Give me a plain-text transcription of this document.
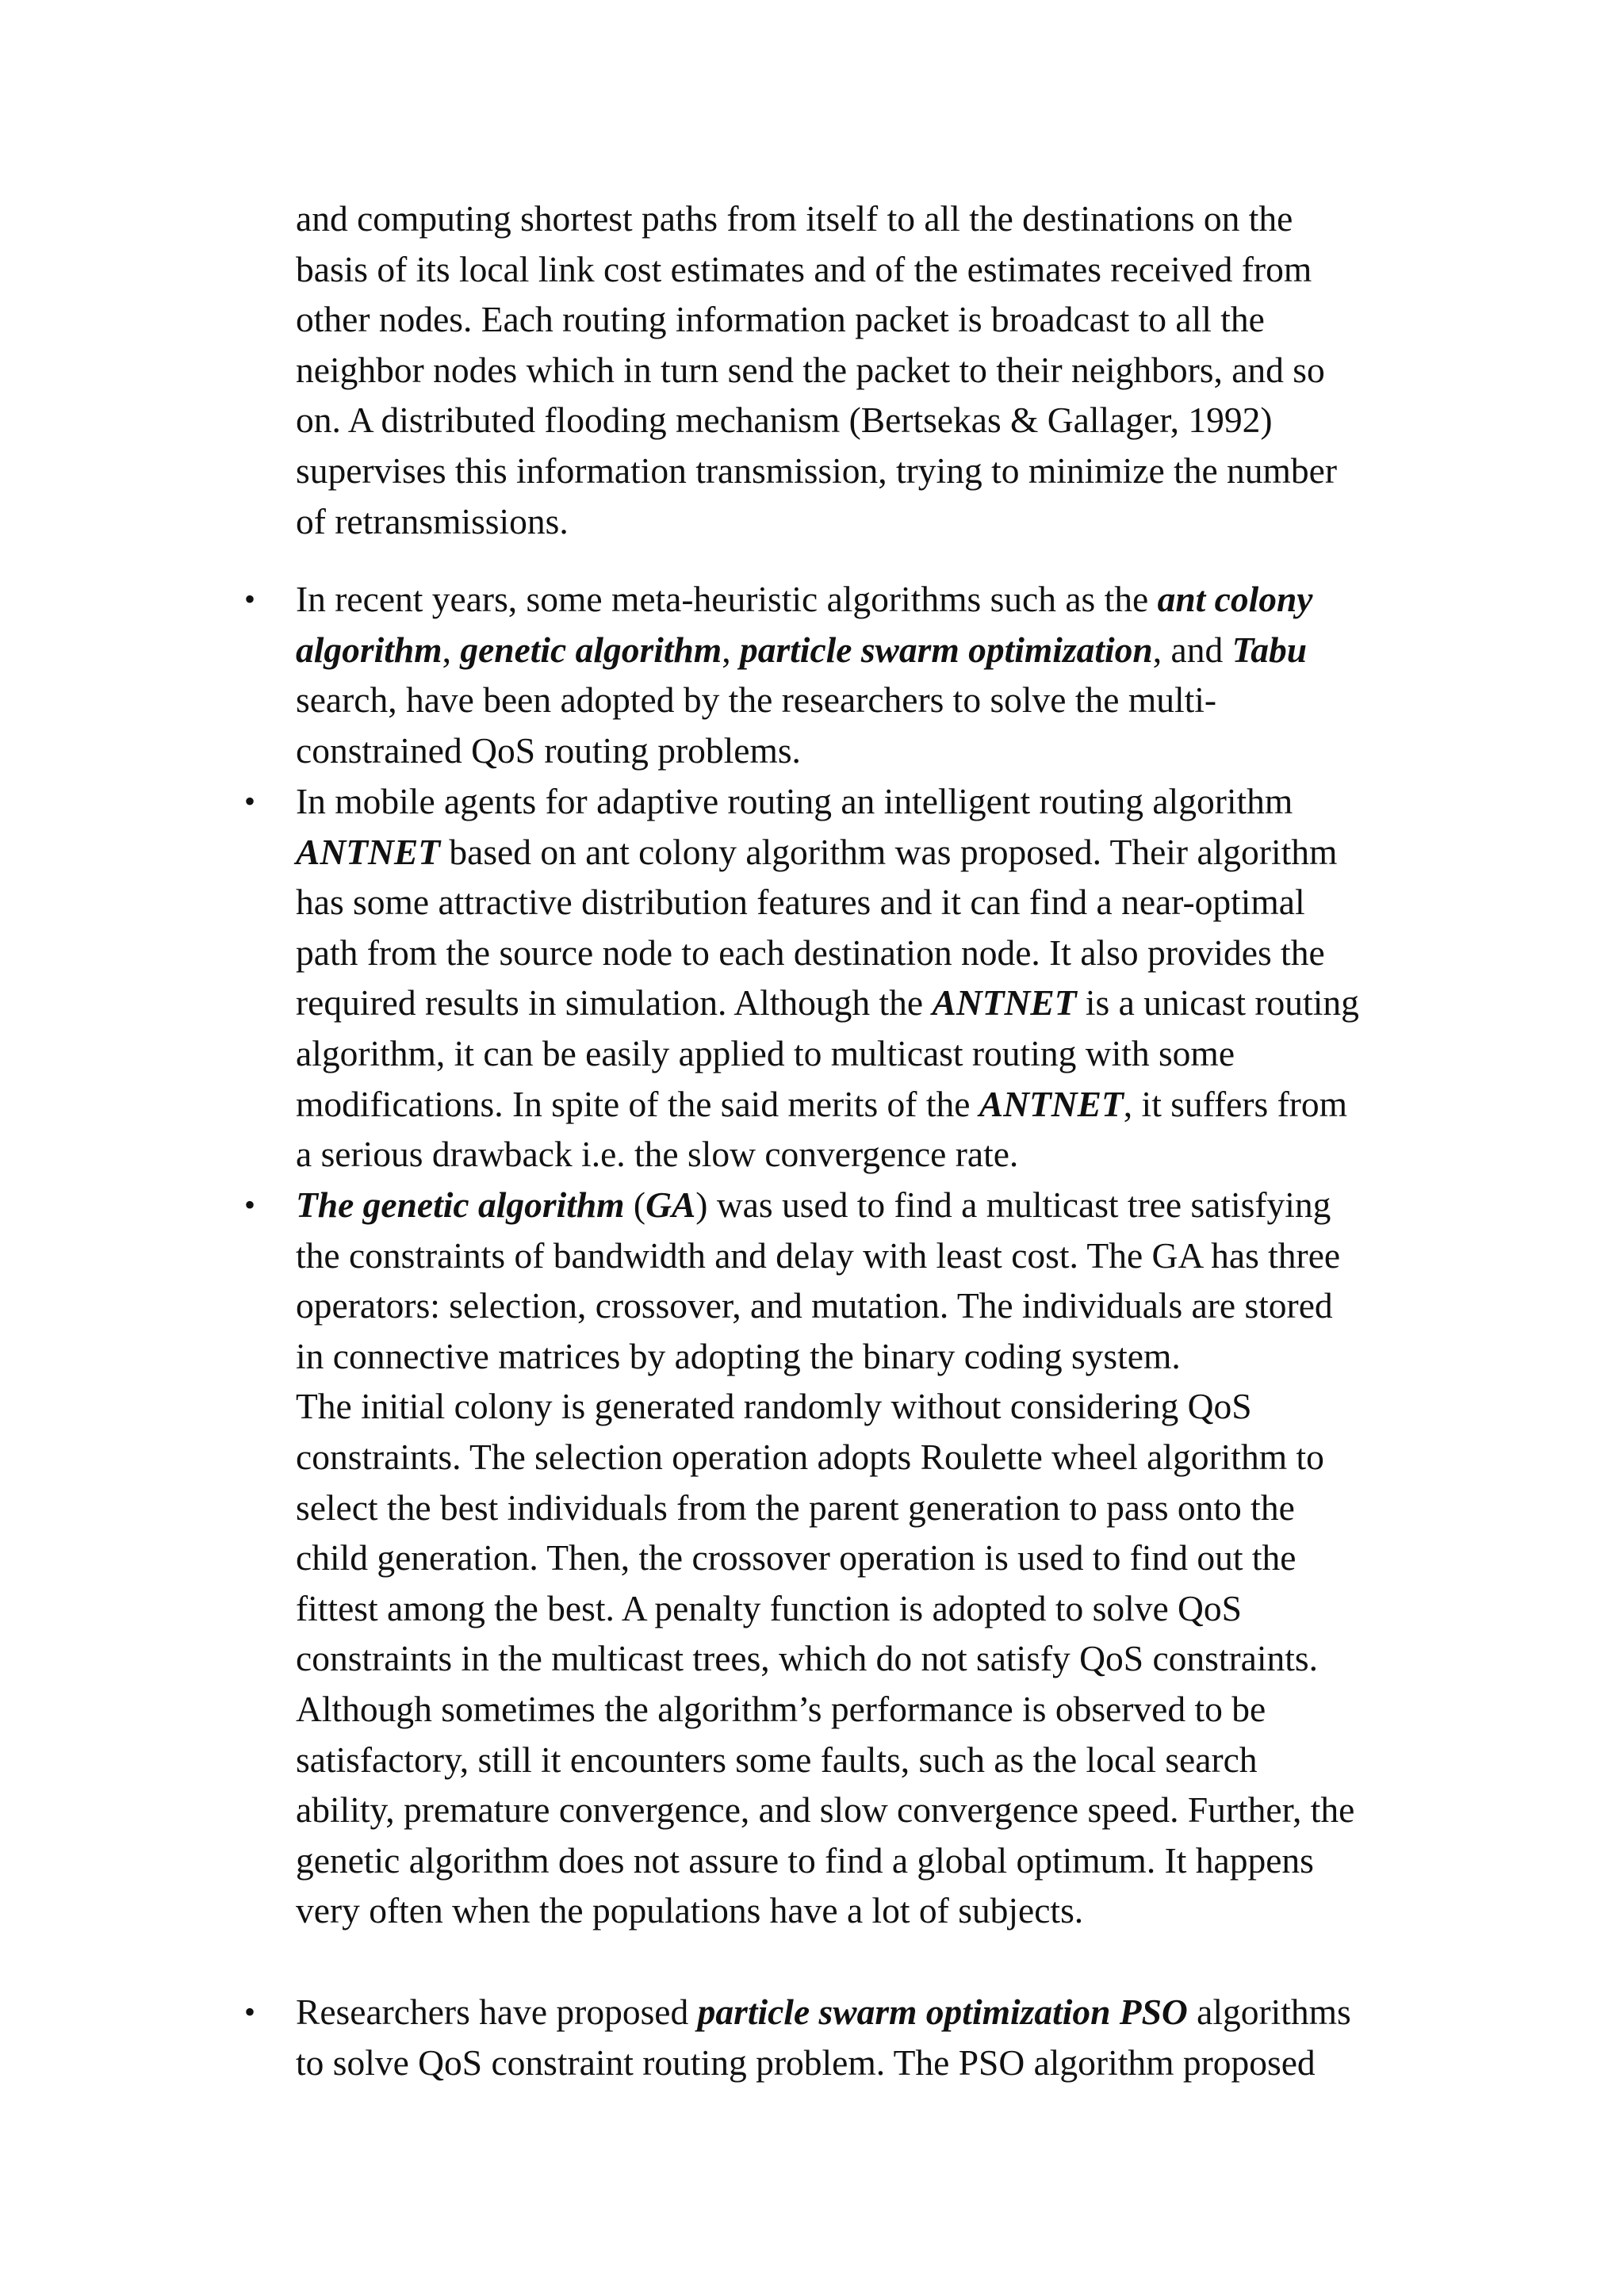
and computing shortest paths from itself to all the destinations on the
basis of its local link cost estimates and of the estimates received from
other nodes. Each routing information packet is broadcast to all the
neighbor nodes which in turn send the packet to their neighbors, and so
on. A distributed flooding mechanism (Bertsekas & Gallager, 1992)
supervises this information transmission, trying to minimize the number
of retransmissions.
• In recent years, some meta-heuristic algorithms such as the ant colony
algorithm, genetic algorithm, particle swarm optimization, and Tabu
search, have been adopted by the researchers to solve the multi-
constrained QoS routing problems.
• In mobile agents for adaptive routing an intelligent routing algorithm
ANTNET based on ant colony algorithm was proposed. Their algorithm
has some attractive distribution features and it can find a near-optimal
path from the source node to each destination node. It also provides the
required results in simulation. Although the ANTNET is a unicast routing
algorithm, it can be easily applied to multicast routing with some
modifications. In spite of the said merits of the ANTNET, it suffers from
a serious drawback i.e. the slow convergence rate.
• The genetic algorithm (GA) was used to find a multicast tree satisfying
the constraints of bandwidth and delay with least cost. The GA has three
operators: selection, crossover, and mutation. The individuals are stored
in connective matrices by adopting the binary coding system.
The initial colony is generated randomly without considering QoS
constraints. The selection operation adopts Roulette wheel algorithm to
select the best individuals from the parent generation to pass onto the
child generation. Then, the crossover operation is used to find out the
fittest among the best. A penalty function is adopted to solve QoS
constraints in the multicast trees, which do not satisfy QoS constraints.
Although sometimes the algorithm’s performance is observed to be
satisfactory, still it encounters some faults, such as the local search
ability, premature convergence, and slow convergence speed. Further, the
genetic algorithm does not assure to find a global optimum. It happens
very often when the populations have a lot of subjects.
• Researchers have proposed particle swarm optimization PSO algorithms
to solve QoS constraint routing problem. The PSO algorithm proposed
